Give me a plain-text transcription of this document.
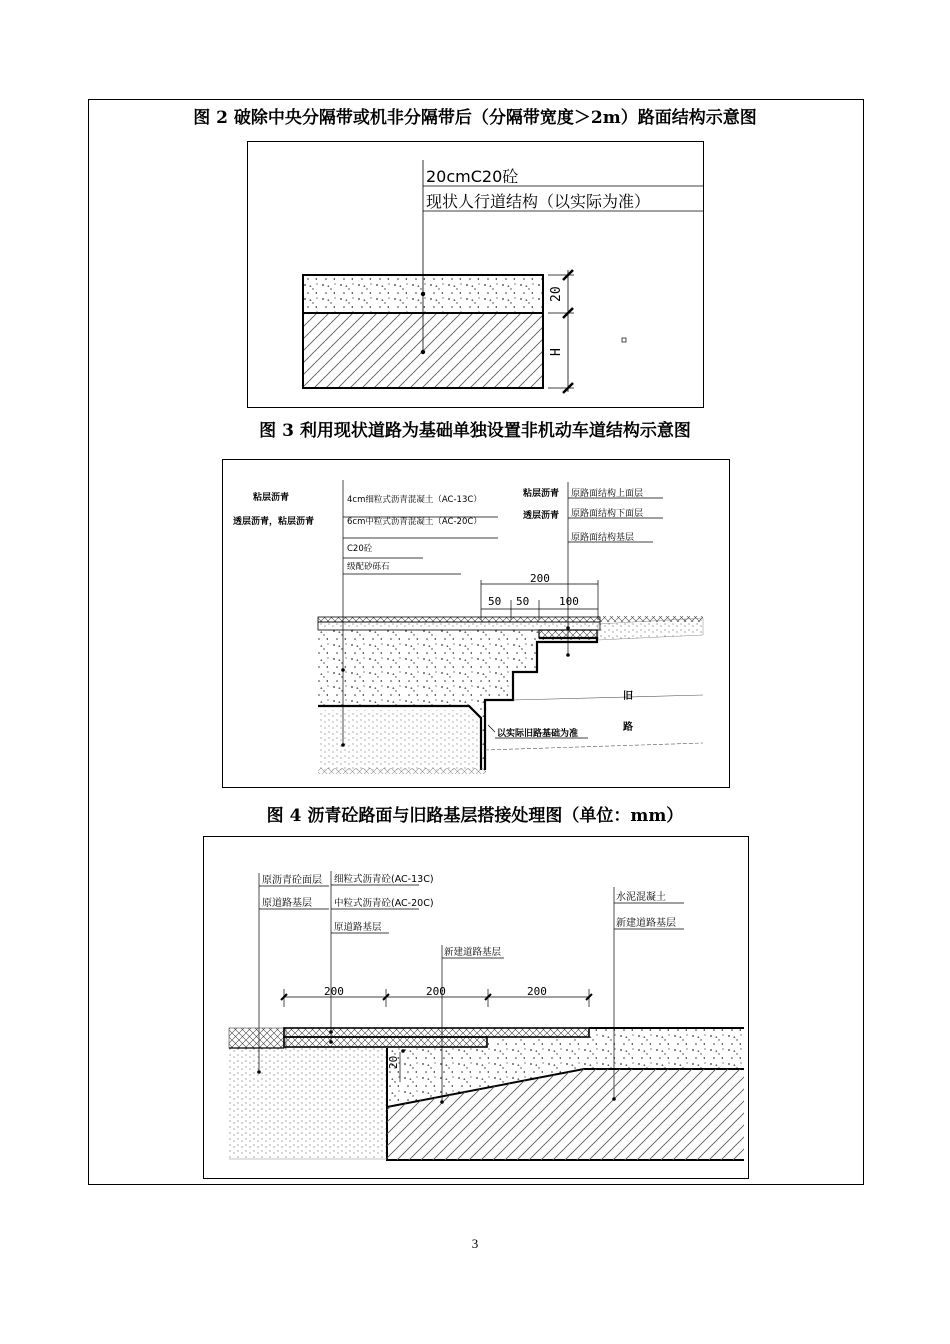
图 2 破除中央分隔带或机非分隔带后（分隔带宽度＞2m）路面结构示意图
20cmC20砼
现状人行道结构（以实际为准）
20
H
图 3 利用现状道路为基础单独设置非机动车道结构示意图
粘层沥青
透层沥青，粘层沥青
4cm细粒式沥青混凝土（AC-13C）
6cm中粒式沥青混凝土（AC-20C）
C20砼
级配砂砾石
粘层沥青
透层沥青
原路面结构上面层
原路面结构下面层
原路面结构基层
200
50 50	100
旧
路
以实际旧路基础为准
图 4 沥青砼路面与旧路基层搭接处理图（单位：mm）
原沥青砼面层
原道路基层
细粒式沥青砼(AC-13C)
中粒式沥青砼(AC-20C)
原道路基层
新建道路基层
水泥混凝土
新建道路基层
200	200	200
20
3
